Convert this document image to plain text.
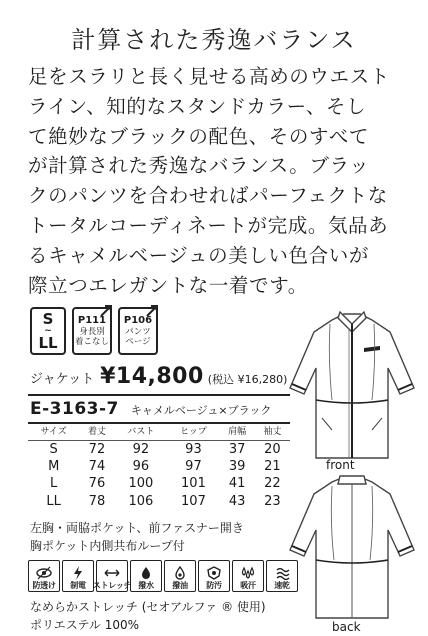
計算された秀逸バランス
足をスラリと長く見せる高めのウエスト
ライン、知的なスタンドカラー、そし
て絶妙なブラックの配色、そのすべて
が計算された秀逸なバランス。ブラッ
クのパンツを合わせればパーフェクトな
トータルコーディネートが完成。気品あ
るキャメルベージュの美しい色合いが
際立つエレガントな一着です。
S
~
LL
P111
身長別
着こなし
P106
パンツ
ページ
ジャケット ¥14,800 (税込 ¥16,280)
E-3163-7 キャメルベージュ×ブラック
サイズ	着丈	バスト	ヒップ	肩幅	袖丈
S	72	92	93	37	20
M	74	96	97	39	21
L	76	100	101	41	22
LL	78	106	107	43	23
左胸・両脇ポケット、前ファスナー開き
胸ポケット内側共布ループ付
防透け 制電 ストレッチ 撥水 撥油 防汚 吸汗 速乾
なめらかストレッチ (セオアルファ ® 使用)
ポリエステル 100%
front
back
